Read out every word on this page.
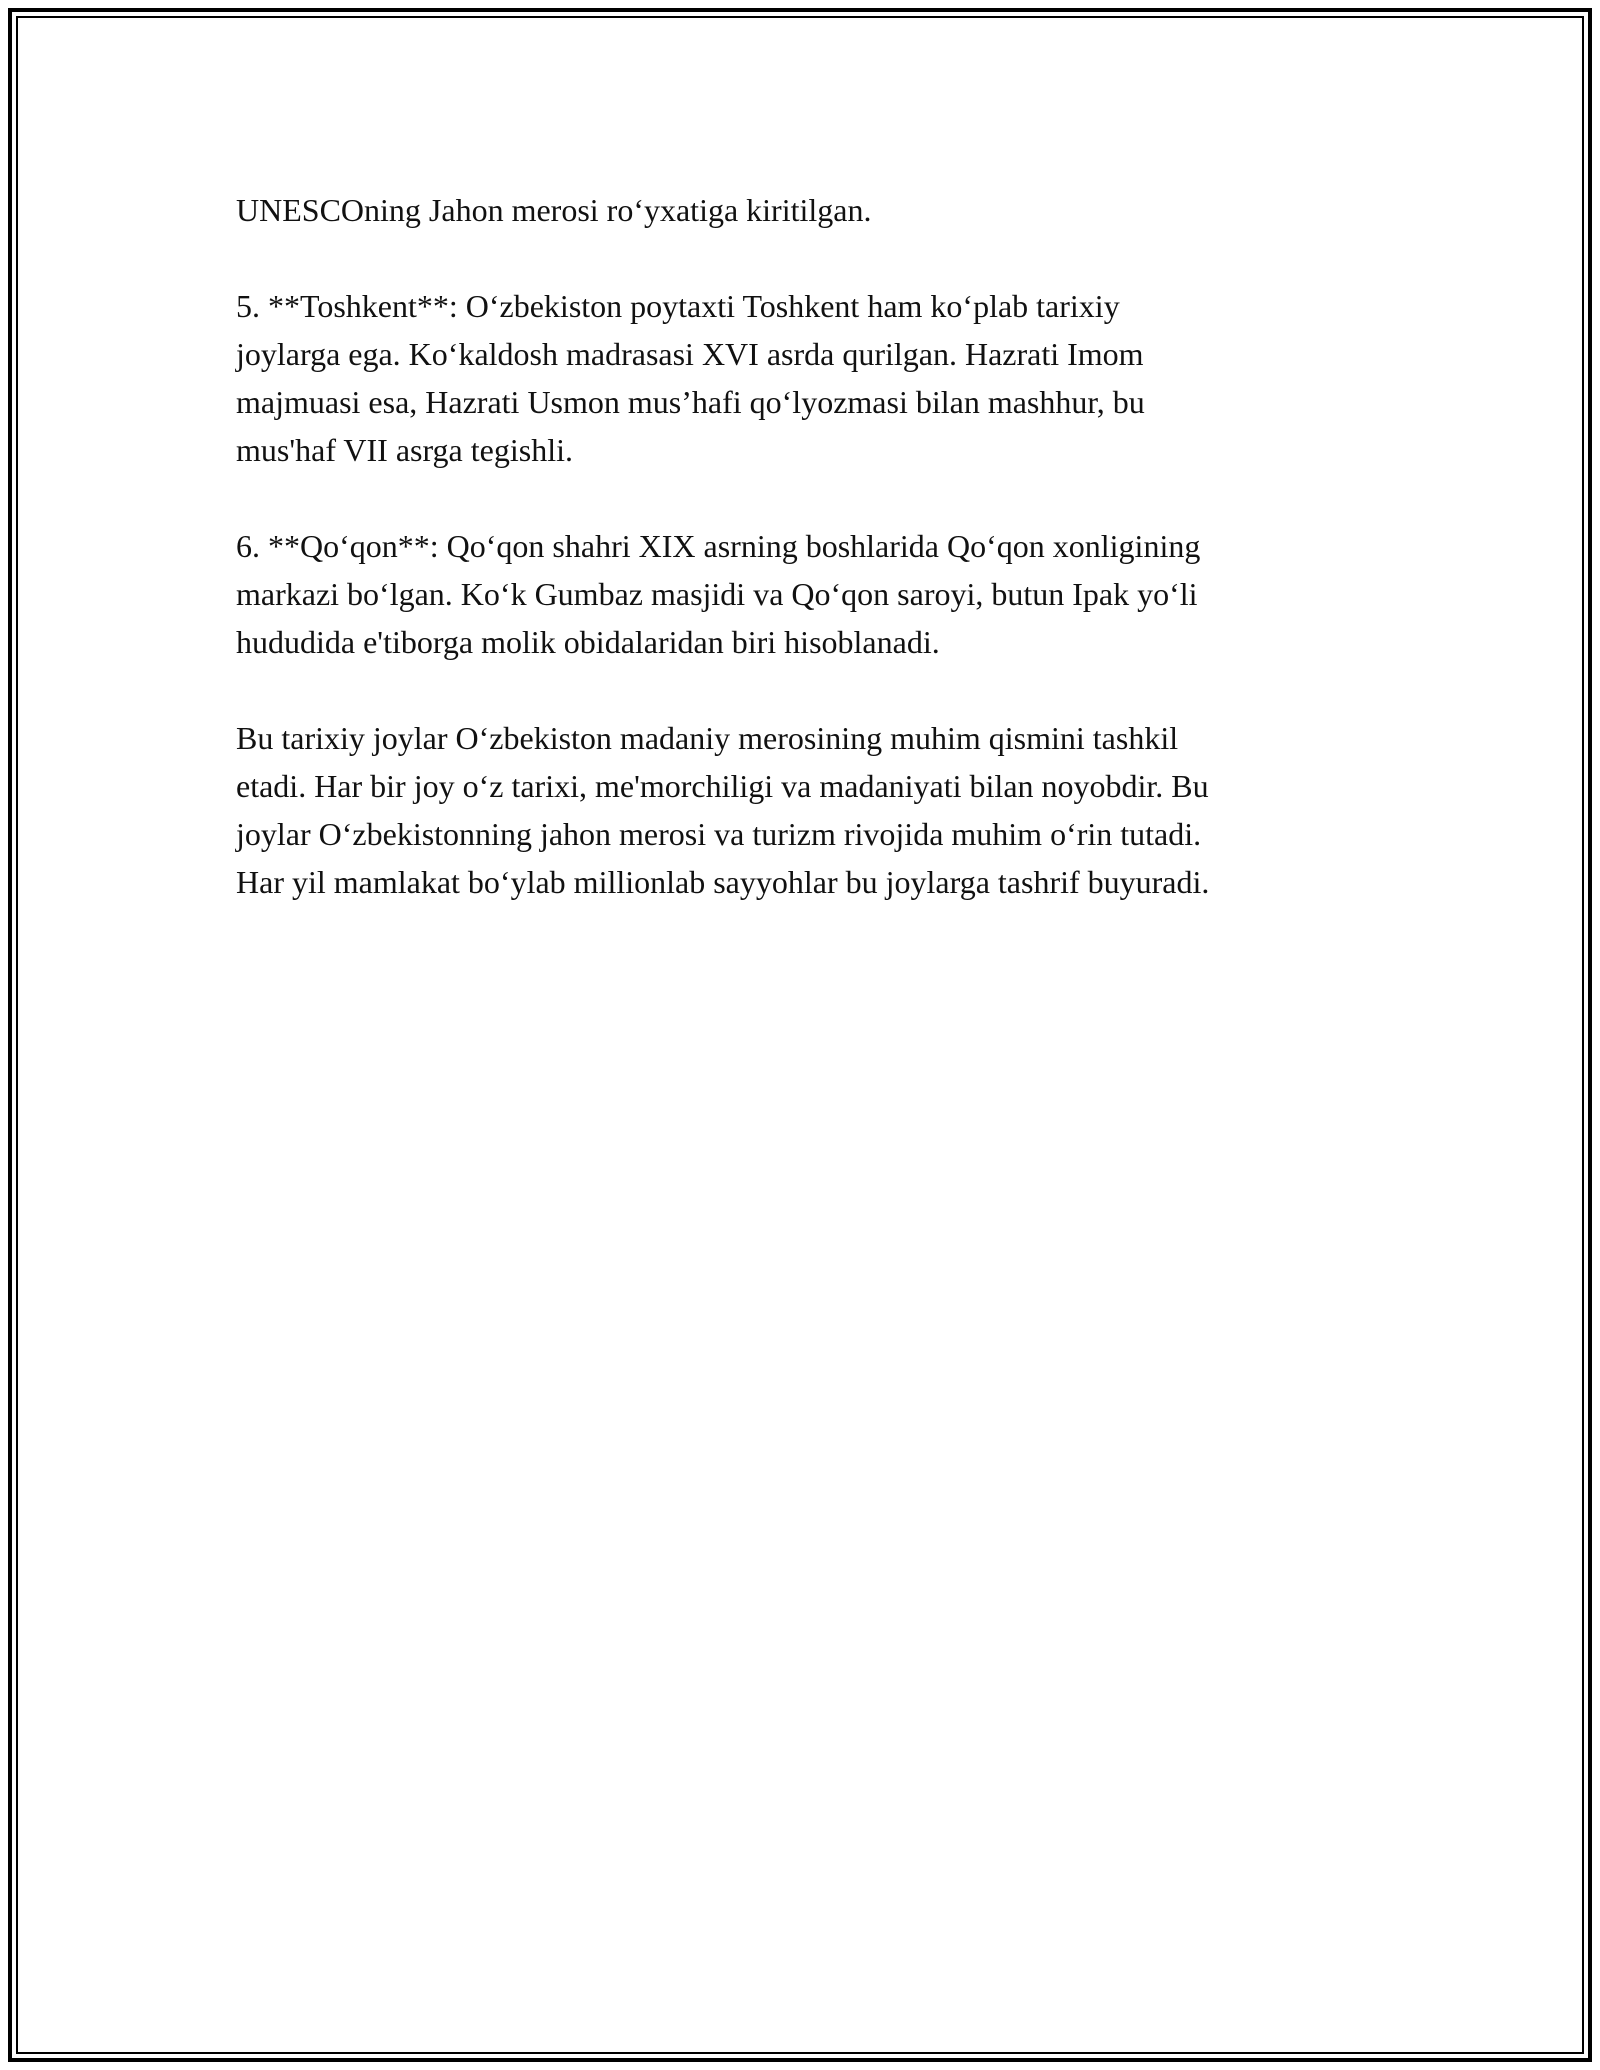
UNESCOning Jahon merosi ro‘yxatiga kiritilgan.

5. **Toshkent**: O‘zbekiston poytaxti Toshkent ham ko‘plab tarixiy
joylarga ega. Ko‘kaldosh madrasasi XVI asrda qurilgan. Hazrati Imom
majmuasi esa, Hazrati Usmon mus’hafi qo‘lyozmasi bilan mashhur, bu
mus'haf VII asrga tegishli.

6. **Qo‘qon**: Qo‘qon shahri XIX asrning boshlarida Qo‘qon xonligining
markazi bo‘lgan. Ko‘k Gumbaz masjidi va Qo‘qon saroyi, butun Ipak yo‘li
hududida e'tiborga molik obidalaridan biri hisoblanadi.

Bu tarixiy joylar O‘zbekiston madaniy merosining muhim qismini tashkil
etadi. Har bir joy o‘z tarixi, me'morchiligi va madaniyati bilan noyobdir. Bu
joylar O‘zbekistonning jahon merosi va turizm rivojida muhim o‘rin tutadi.
Har yil mamlakat bo‘ylab millionlab sayyohlar bu joylarga tashrif buyuradi.
